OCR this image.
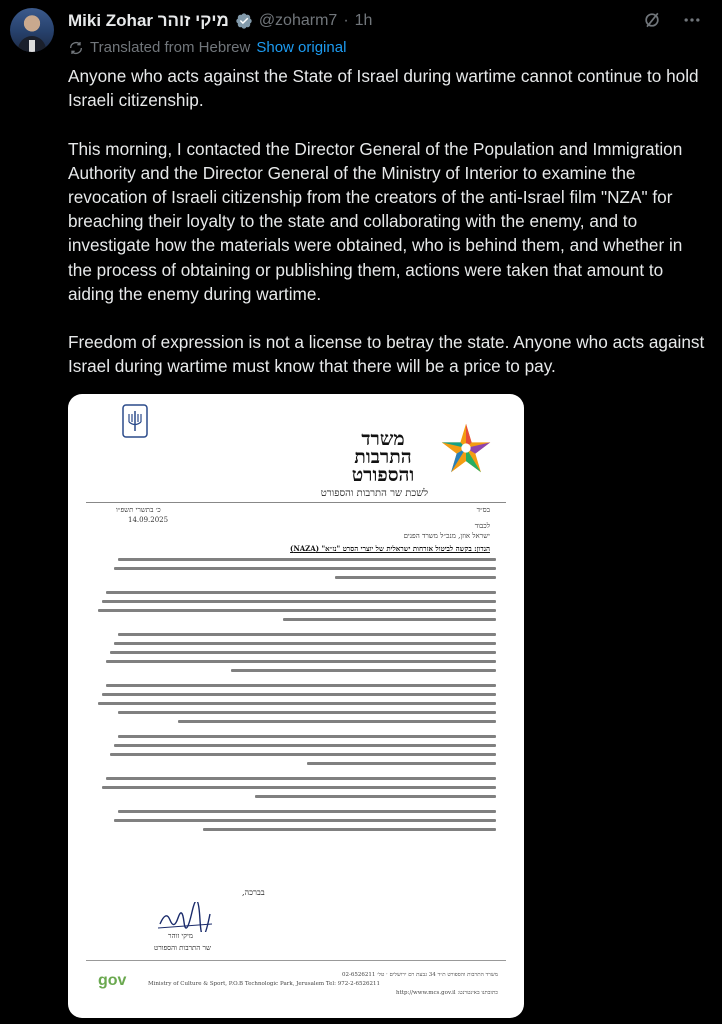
Miki Zohar מיקי זוהר @zoharm7 · 1h
Translated from Hebrew Show original

Anyone who acts against the State of Israel during wartime cannot continue to hold Israeli citizenship.

This morning, I contacted the Director General of the Population and Immigration Authority and the Director General of the Ministry of Interior to examine the revocation of Israeli citizenship from the creators of the anti-Israel film "NZA" for breaching their loyalty to the state and collaborating with the enemy, and to investigate how the materials were obtained, who is behind them, and whether in the process of obtaining or publishing them, actions were taken that amount to aiding the enemy during wartime.

Freedom of expression is not a license to betray the state. Anyone who acts against Israel during wartime must know that there will be a price to pay.

משרד התרבות והספורט
לשכת שר התרבות והספורט
כ׳ בתשרי תשפ״ו
14.09.2025
בס״ד
לכבוד
ישראל אוזן, מנכ״ל משרד הפנים
הנדון: בקשה לביטול אזרחות ישראלית של יוצרי הסרט "נז״א" (NAZA)
בברכה,
מיקי זוהר
שר התרבות והספורט
gov	משרד התרבות והספורט ת״ד 34 גבעת רם ירושלים · טל׳ 02-6526211
Ministry of Culture & Sport, P.O.B Technologic Park, Jerusalem Tel: 972-2-6526211
כתובתנו באינטרנט: http://www.mcs.gov.il
